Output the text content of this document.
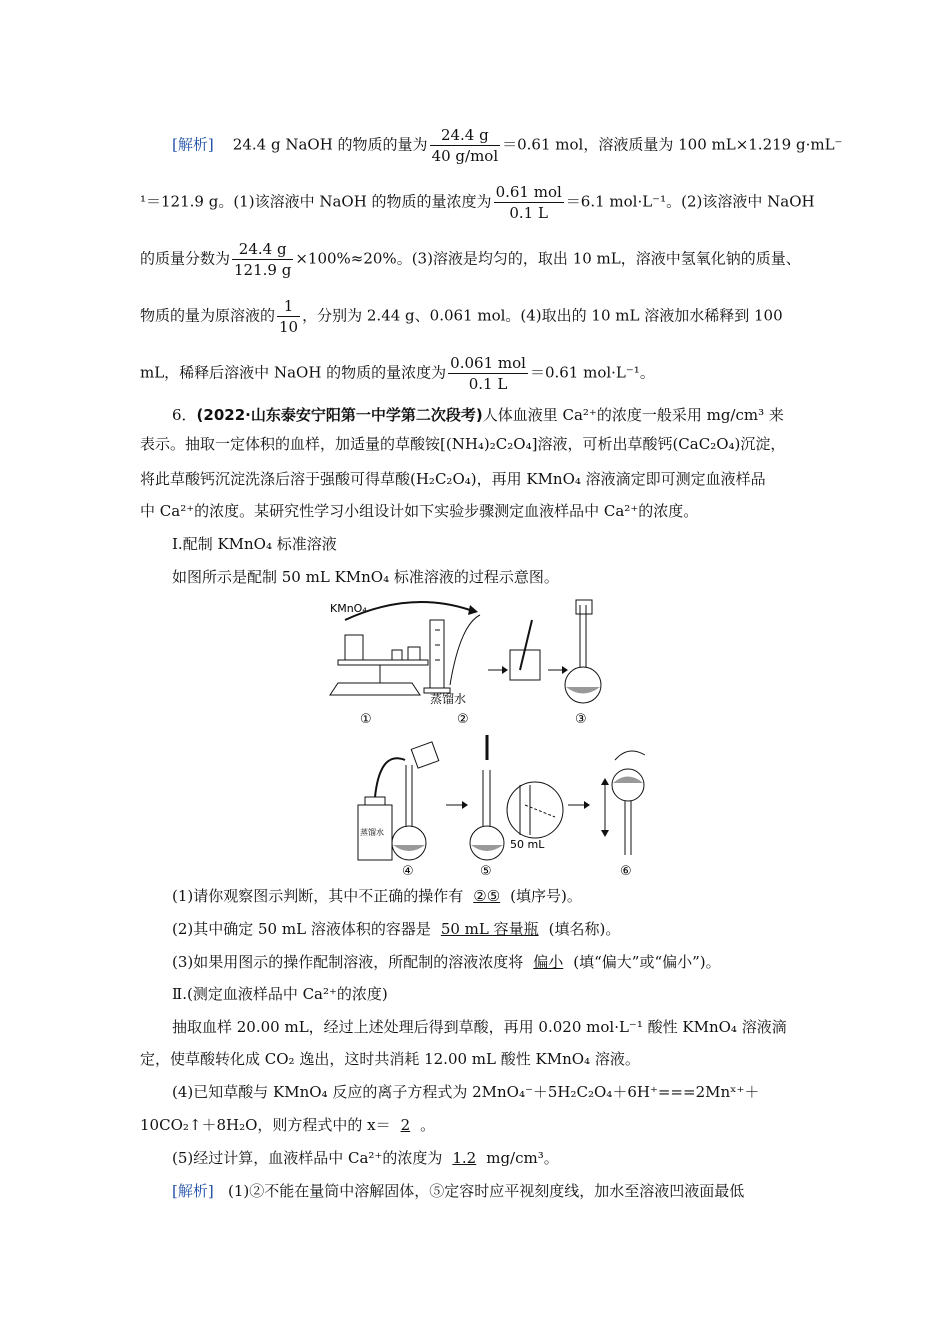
[解析] 24.4 g NaOH 的物质的量为 $\frac{24.4 g}{\text{40 g/mol}} =0.61$ mol，溶液质量为 100 mL×1.219 g·mL⁻
¹＝121.9 g。(1)该溶液中 NaOH 的物质的量浓度为 $\frac{\text{0.61 mol}}{0.1 L} =6.1$ mol·L⁻¹。(2)该溶液中 NaOH
的质量分数为 $\frac{24.4 g}{121.9 g} \times 100\%\approx 20\%$。(3)溶液是均匀的，取出 10 mL，溶液中氢氧化钠的质量、
物质的量为原溶液的 $\frac{1}{10}$ ，分别为 2.44 g、0.061 mol。(4)取出的 10 mL 溶液加水稀释到 100
mL，稀释后溶液中 NaOH 的物质的量浓度为 $\frac{\text{0.061 mol}}{0.1 L} =0.61$ mol·L⁻¹。
6．(2022·山东泰安宁阳第一中学第二次段考)人体血液里 Ca²⁺的浓度一般采用 mg/cm³ 来
表示。抽取一定体积的血样，加适量的草酸铵[(NH₄)₂C₂O₄]溶液，可析出草酸钙(CaC₂O₄)沉淀，
将此草酸钙沉淀洗涤后溶于强酸可得草酸(H₂C₂O₄)，再用 KMnO₄ 溶液滴定即可测定血液样品
中 Ca²⁺的浓度。某研究性学习小组设计如下实验步骤测定血液样品中 Ca²⁺的浓度。
Ⅰ.配制 KMnO₄ 标准溶液
如图所示是配制 50 mL KMnO₄ 标准溶液的过程示意图。
KMnO₄
蒸馏水
①	②	③
蒸馏水
50 mL
④	⑤	⑥
(1)请你观察图示判断，其中不正确的操作有 ②⑤ (填序号)。
(2)其中确定 50 mL 溶液体积的容器是 50 mL 容量瓶 (填名称)。
(3)如果用图示的操作配制溶液，所配制的溶液浓度将 偏小 (填“偏大”或“偏小”)。
Ⅱ.(测定血液样品中 Ca²⁺的浓度)
抽取血样 20.00 mL，经过上述处理后得到草酸，再用 0.020 mol·L⁻¹ 酸性 KMnO₄ 溶液滴
定，使草酸转化成 CO₂ 逸出，这时共消耗 12.00 mL 酸性 KMnO₄ 溶液。
(4)已知草酸与 KMnO₄ 反应的离子方程式为 2MnO₄⁻＋5H₂C₂O₄＋6H⁺===2Mnˣ⁺＋
10CO₂↑＋8H₂O，则方程式中的 x＝ 2 。
(5)经过计算，血液样品中 Ca²⁺的浓度为 1.2 mg/cm³。
[解析] (1)②不能在量筒中溶解固体，⑤定容时应平视刻度线，加水至溶液凹液面最低
